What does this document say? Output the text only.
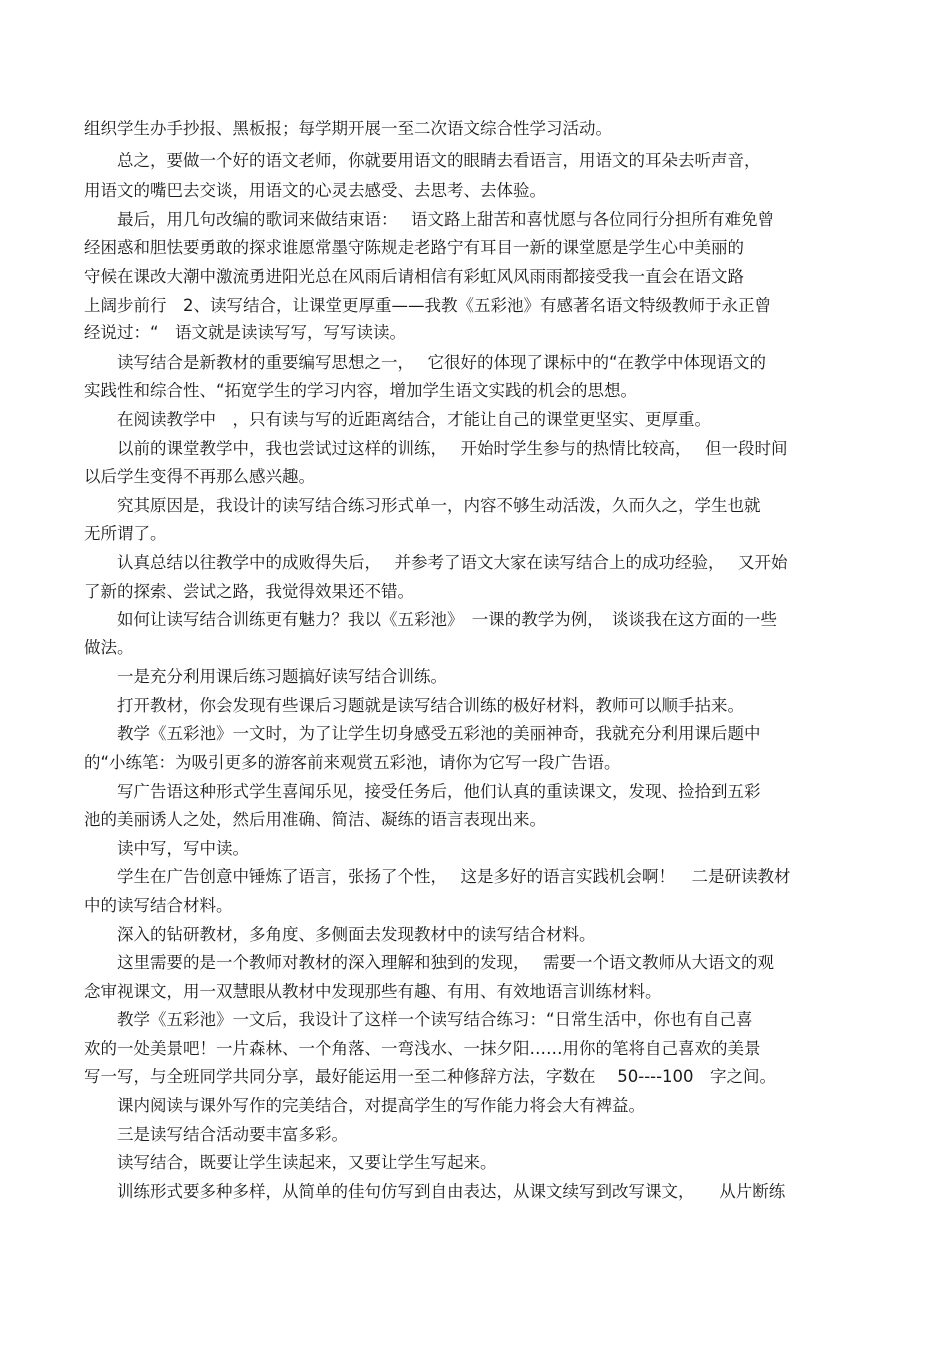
组织学生办手抄报、黑板报；每学期开展一至二次语文综合性学习活动。

　　总之，要做一个好的语文老师，你就要用语文的眼睛去看语言，用语文的耳朵去听声音，

用语文的嘴巴去交谈，用语文的心灵去感受、去思考、去体验。

　　最后，用几句改编的歌词来做结束语：　 语文路上甜苦和喜忧愿与各位同行分担所有难免曾

经困惑和胆怯要勇敢的探求谁愿常墨守陈规走老路宁有耳目一新的课堂愿是学生心中美丽的

守候在课改大潮中激流勇进阳光总在风雨后请相信有彩虹风风雨雨都接受我一直会在语文路

上阔步前行　2、读写结合，让课堂更厚重——我教《五彩池》有感著名语文特级教师于永正曾

经说过：“　语文就是读读写写，写写读读。

　　读写结合是新教材的重要编写思想之一，　 它很好的体现了课标中的“在教学中体现语文的

实践性和综合性、“拓宽学生的学习内容，增加学生语文实践的机会的思想。

　　在阅读教学中　，只有读与写的近距离结合，才能让自己的课堂更坚实、更厚重。

　　以前的课堂教学中，我也尝试过这样的训练，　 开始时学生参与的热情比较高，　 但一段时间

以后学生变得不再那么感兴趣。

　　究其原因是，我设计的读写结合练习形式单一，内容不够生动活泼，久而久之，学生也就

无所谓了。

　　认真总结以往教学中的成败得失后，　 并参考了语文大家在读写结合上的成功经验，　 又开始

了新的探索、尝试之路，我觉得效果还不错。

　　如何让读写结合训练更有魅力？我以《五彩池》　一课的教学为例，　谈谈我在这方面的一些

做法。

　　一是充分利用课后练习题搞好读写结合训练。

　　打开教材，你会发现有些课后习题就是读写结合训练的极好材料，教师可以顺手拈来。

　　教学《五彩池》一文时，为了让学生切身感受五彩池的美丽神奇，我就充分利用课后题中

的“小练笔：为吸引更多的游客前来观赏五彩池，请你为它写一段广告语。

　　写广告语这种形式学生喜闻乐见，接受任务后，他们认真的重读课文，发现、捡拾到五彩

池的美丽诱人之处，然后用准确、简洁、凝练的语言表现出来。

　　读中写，写中读。

　　学生在广告创意中锤炼了语言，张扬了个性，　 这是多好的语言实践机会啊！　二是研读教材

中的读写结合材料。

　　深入的钻研教材，多角度、多侧面去发现教材中的读写结合材料。

　　这里需要的是一个教师对教材的深入理解和独到的发现，　 需要一个语文教师从大语文的观

念审视课文，用一双慧眼从教材中发现那些有趣、有用、有效地语言训练材料。

　　教学《五彩池》一文后，我设计了这样一个读写结合练习：“日常生活中，你也有自己喜

欢的一处美景吧！一片森林、一个角落、一弯浅水、一抹夕阳……用你的笔将自己喜欢的美景

写一写，与全班同学共同分享，最好能运用一至二种修辞方法，字数在　 50----100　字之间。

　　课内阅读与课外写作的完美结合，对提高学生的写作能力将会大有裨益。

　　三是读写结合活动要丰富多彩。

　　读写结合，既要让学生读起来，又要让学生写起来。

　　训练形式要多种多样，从简单的佳句仿写到自由表达，从课文续写到改写课文，　　从片断练
